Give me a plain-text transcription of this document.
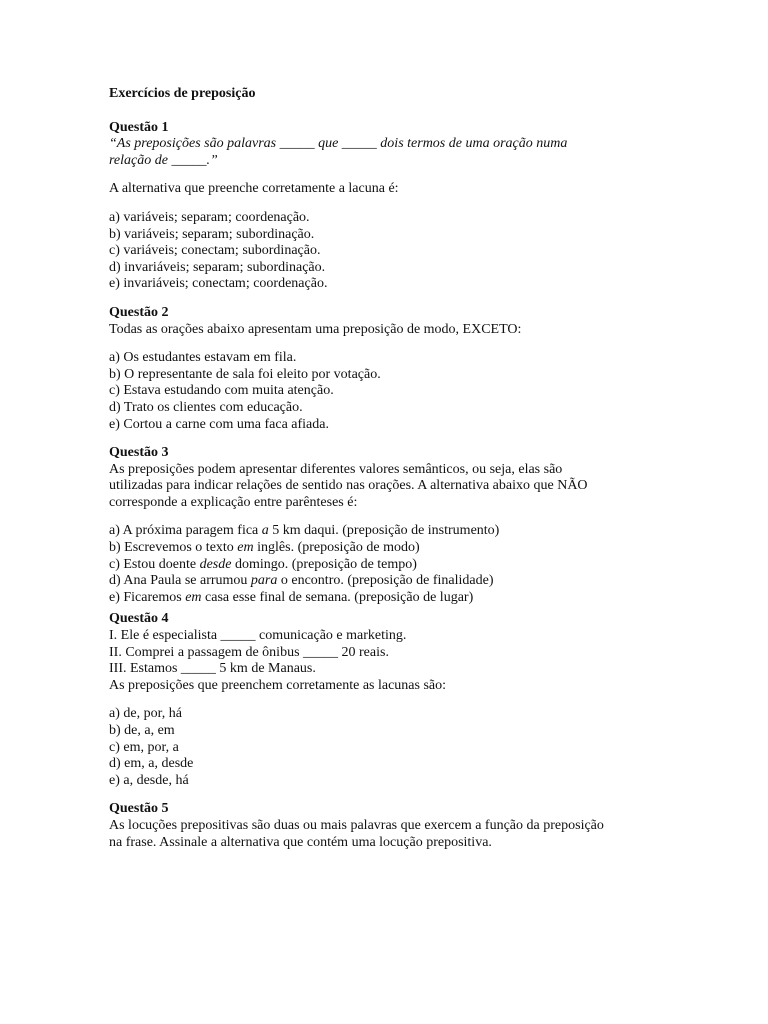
Exercícios de preposição

Questão 1

“As preposições são palavras _____ que _____ dois termos de uma oração numa

relação de _____.”

A alternativa que preenche corretamente a lacuna é:

a) variáveis; separam; coordenação.

b) variáveis; separam; subordinação.

c) variáveis; conectam; subordinação.

d) invariáveis; separam; subordinação.

e) invariáveis; conectam; coordenação.

Questão 2

Todas as orações abaixo apresentam uma preposição de modo, EXCETO:

a) Os estudantes estavam em fila.

b) O representante de sala foi eleito por votação.

c) Estava estudando com muita atenção.

d) Trato os clientes com educação.

e) Cortou a carne com uma faca afiada.

Questão 3

As preposições podem apresentar diferentes valores semânticos, ou seja, elas são

utilizadas para indicar relações de sentido nas orações. A alternativa abaixo que NÃO

corresponde a explicação entre parênteses é:

a) A próxima paragem fica a 5 km daqui. (preposição de instrumento)

b) Escrevemos o texto em inglês. (preposição de modo)

c) Estou doente desde domingo. (preposição de tempo)

d) Ana Paula se arrumou para o encontro. (preposição de finalidade)

e) Ficaremos em casa esse final de semana. (preposição de lugar)

Questão 4

I. Ele é especialista _____ comunicação e marketing.

II. Comprei a passagem de ônibus _____ 20 reais.

III. Estamos _____ 5 km de Manaus.

As preposições que preenchem corretamente as lacunas são:

a) de, por, há

b) de, a, em

c) em, por, a

d) em, a, desde

e) a, desde, há

Questão 5

As locuções prepositivas são duas ou mais palavras que exercem a função da preposição

na frase. Assinale a alternativa que contém uma locução prepositiva.
